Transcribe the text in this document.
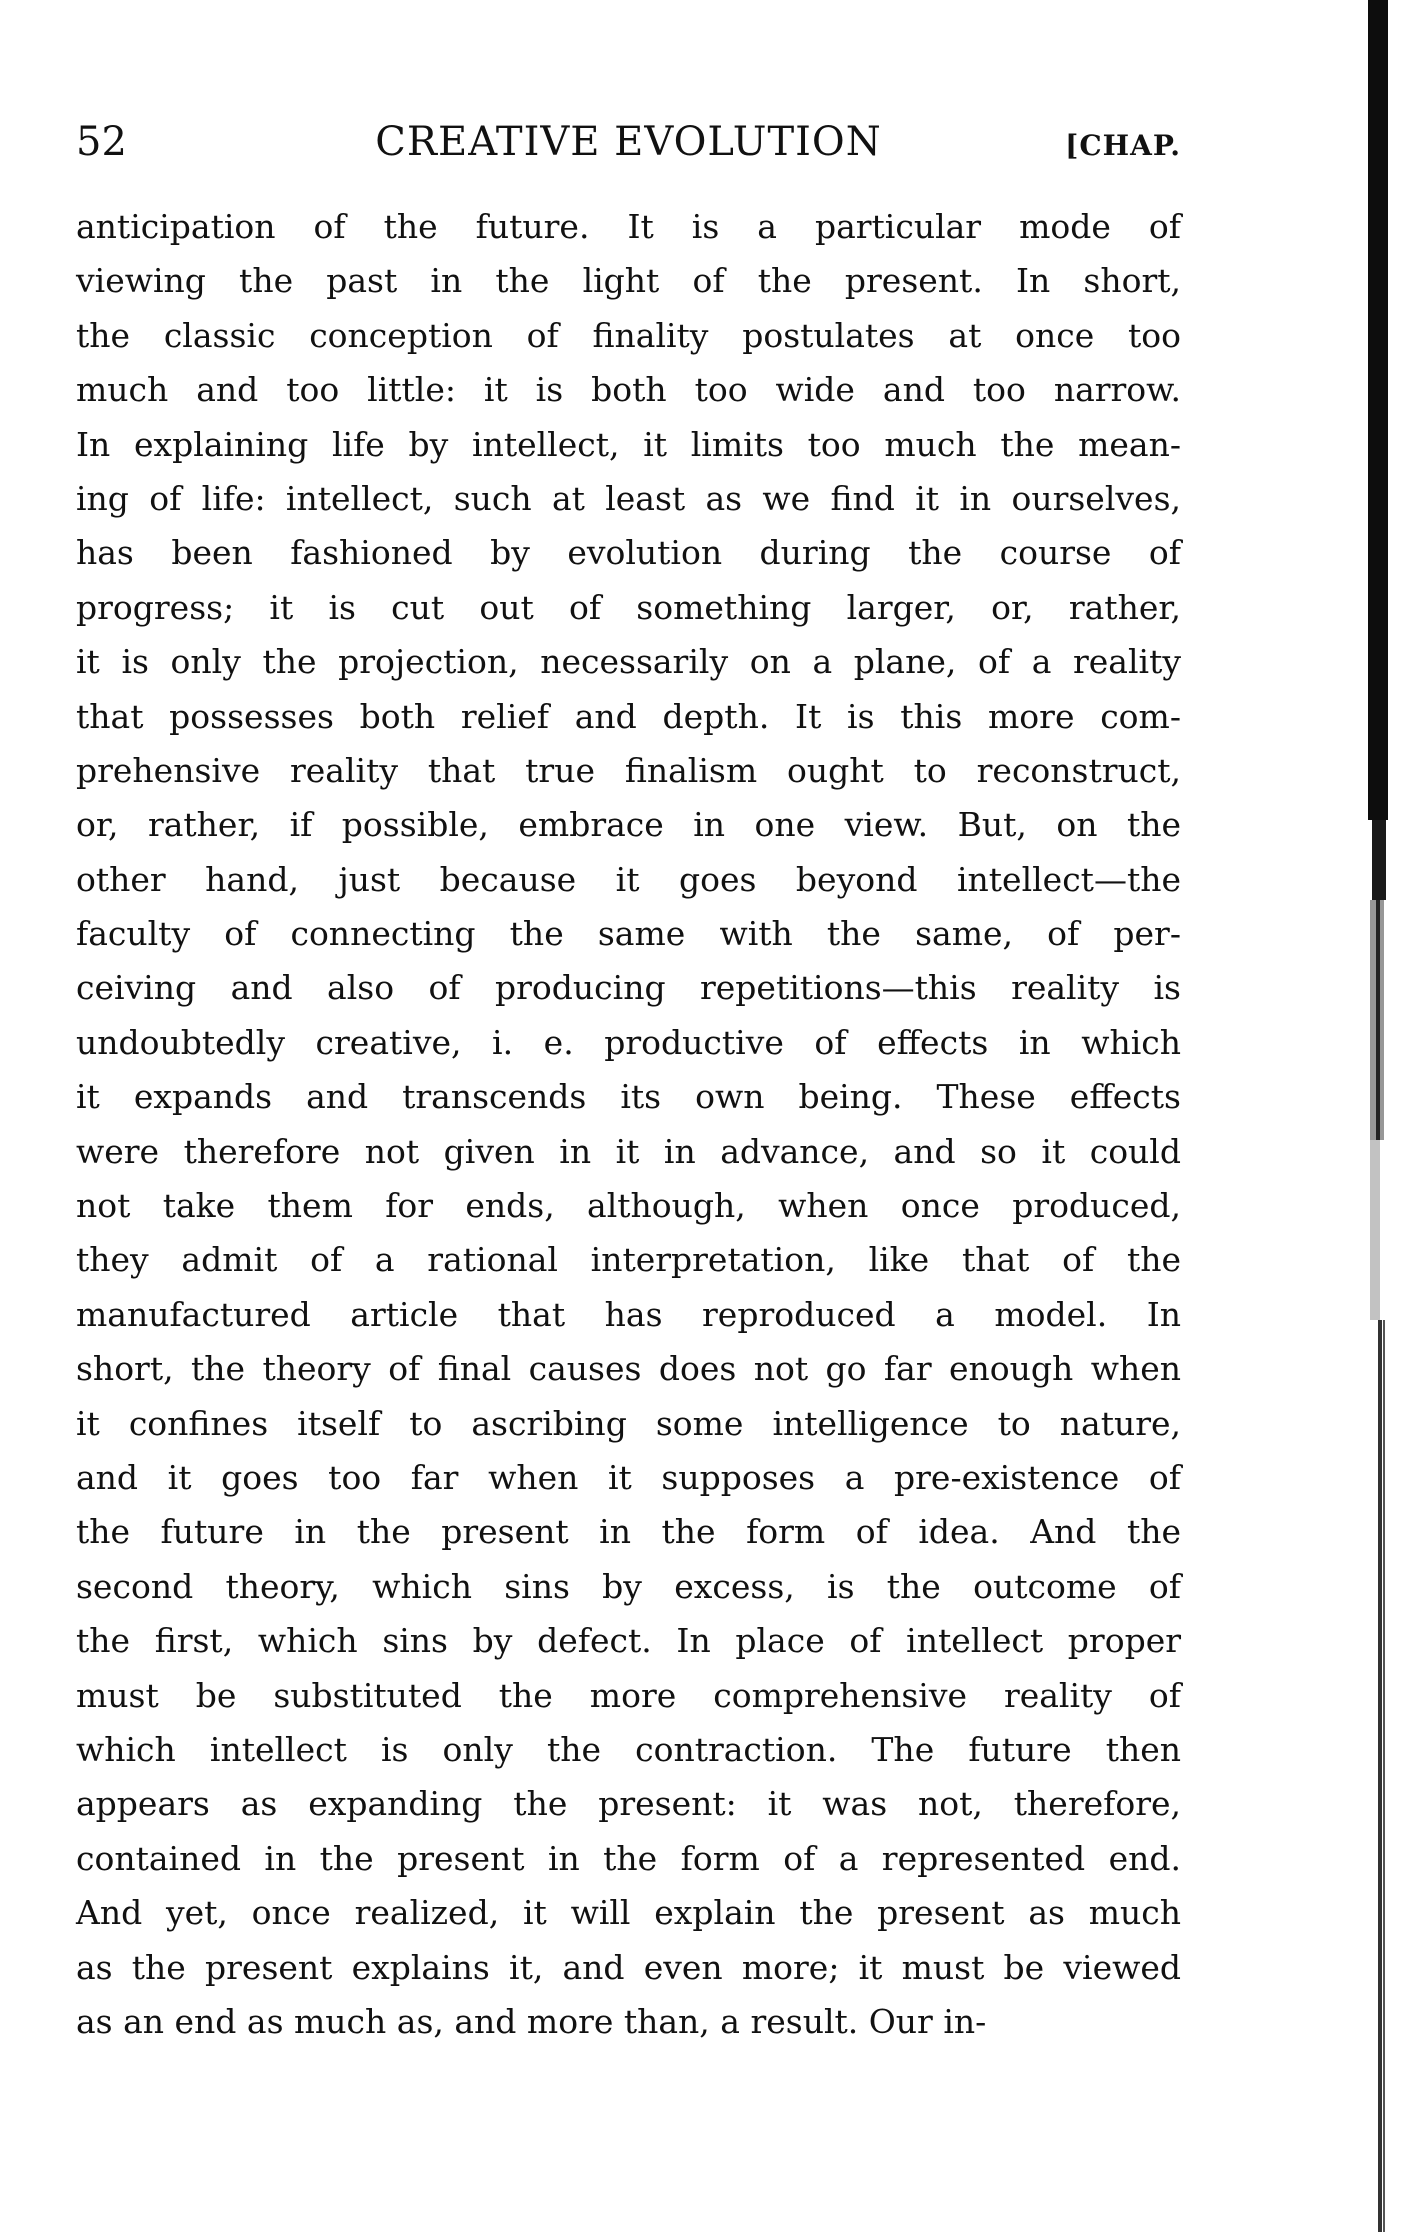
52	CREATIVE EVOLUTION	[CHAP.
anticipation of the future. It is a particular mode of
viewing the past in the light of the present. In short,
the classic conception of finality postulates at once too
much and too little: it is both too wide and too narrow.
In explaining life by intellect, it limits too much the mean-
ing of life: intellect, such at least as we find it in ourselves,
has been fashioned by evolution during the course of
progress; it is cut out of something larger, or, rather,
it is only the projection, necessarily on a plane, of a reality
that possesses both relief and depth. It is this more com-
prehensive reality that true finalism ought to reconstruct,
or, rather, if possible, embrace in one view. But, on the
other hand, just because it goes beyond intellect—the
faculty of connecting the same with the same, of per-
ceiving and also of producing repetitions—this reality is
undoubtedly creative, i. e. productive of effects in which
it expands and transcends its own being. These effects
were therefore not given in it in advance, and so it could
not take them for ends, although, when once produced,
they admit of a rational interpretation, like that of the
manufactured article that has reproduced a model. In
short, the theory of final causes does not go far enough when
it confines itself to ascribing some intelligence to nature,
and it goes too far when it supposes a pre-existence of
the future in the present in the form of idea. And the
second theory, which sins by excess, is the outcome of
the first, which sins by defect. In place of intellect proper
must be substituted the more comprehensive reality of
which intellect is only the contraction. The future then
appears as expanding the present: it was not, therefore,
contained in the present in the form of a represented end.
And yet, once realized, it will explain the present as much
as the present explains it, and even more; it must be viewed
as an end as much as, and more than, a result. Our in-
